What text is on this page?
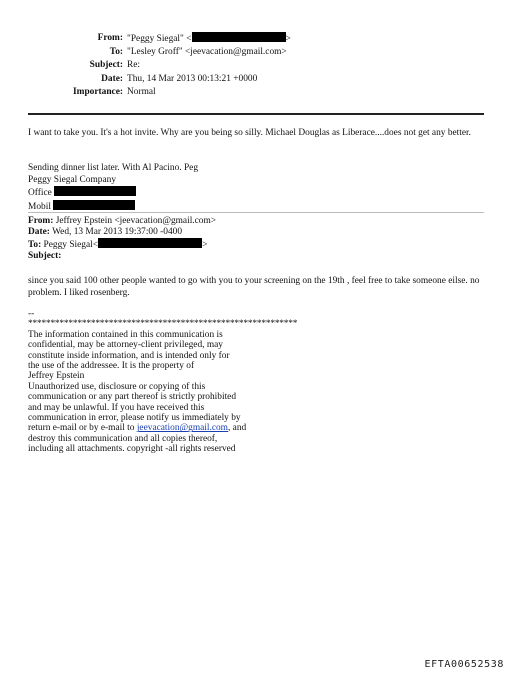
From: "Peggy Siegal" <	>
To: "Lesley Groff" <jeevacation@gmail.com>
Subject: Re:
Date: Thu, 14 Mar 2013 00:13:21 +0000
Importance: Normal

I want to take you. It's a hot invite. Why are you being so silly. Michael Douglas as Liberace....does not get any better.

Sending dinner list later. With Al Pacino. Peg

Peggy Siegal Company

Office

Mobil

From: Jeffrey Epstein <jeevacation@gmail.com>

Date: Wed, 13 Mar 2013 19:37:00 -0400

To: Peggy Siegal<	>

Subject:

since you said 100 other people wanted to go with you to your screening on the 19th , feel free to take someone eilse. no problem. I liked rosenberg.

--

************************************************************

The information contained in this communication is

confidential, may be attorney-client privileged, may

constitute inside information, and is intended only for

the use of the addressee. It is the property of

Jeffrey Epstein

Unauthorized use, disclosure or copying of this

communication or any part thereof is strictly prohibited

and may be unlawful. If you have received this

communication in error, please notify us immediately by

return e-mail or by e-mail to jeevacation@gmail.com, and

destroy this communication and all copies thereof,

including all attachments. copyright -all rights reserved

EFTA00652538
